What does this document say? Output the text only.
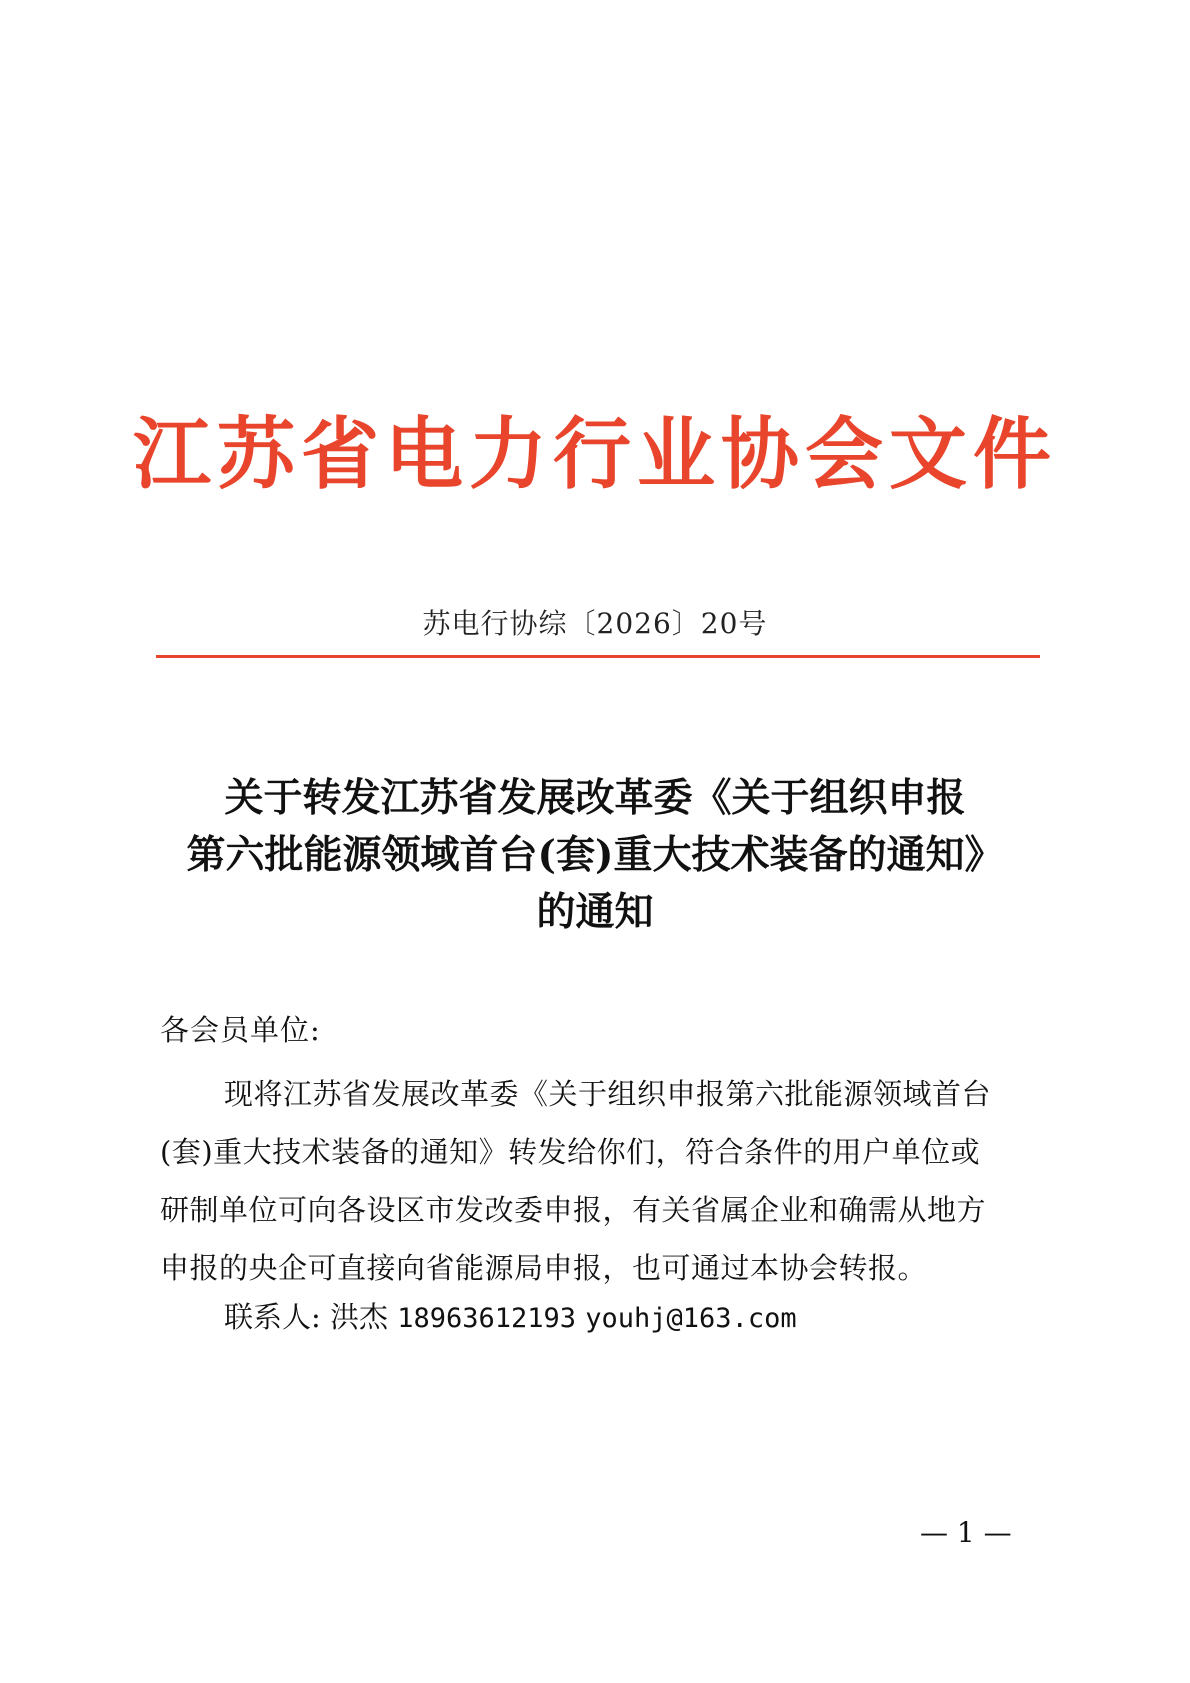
江苏省电力行业协会文件
苏电行协综〔2026〕20号
关于转发江苏省发展改革委《关于组织申报
第六批能源领域首台(套)重大技术装备的通知》
的通知
各会员单位:
现将江苏省发展改革委《关于组织申报第六批能源领域首台
(套)重大技术装备的通知》转发给你们，符合条件的用户单位或
研制单位可向各设区市发改委申报，有关省属企业和确需从地方
申报的央企可直接向省能源局申报，也可通过本协会转报。
联系人: 洪杰 18963612193 youhj@163.com
— 1 —
